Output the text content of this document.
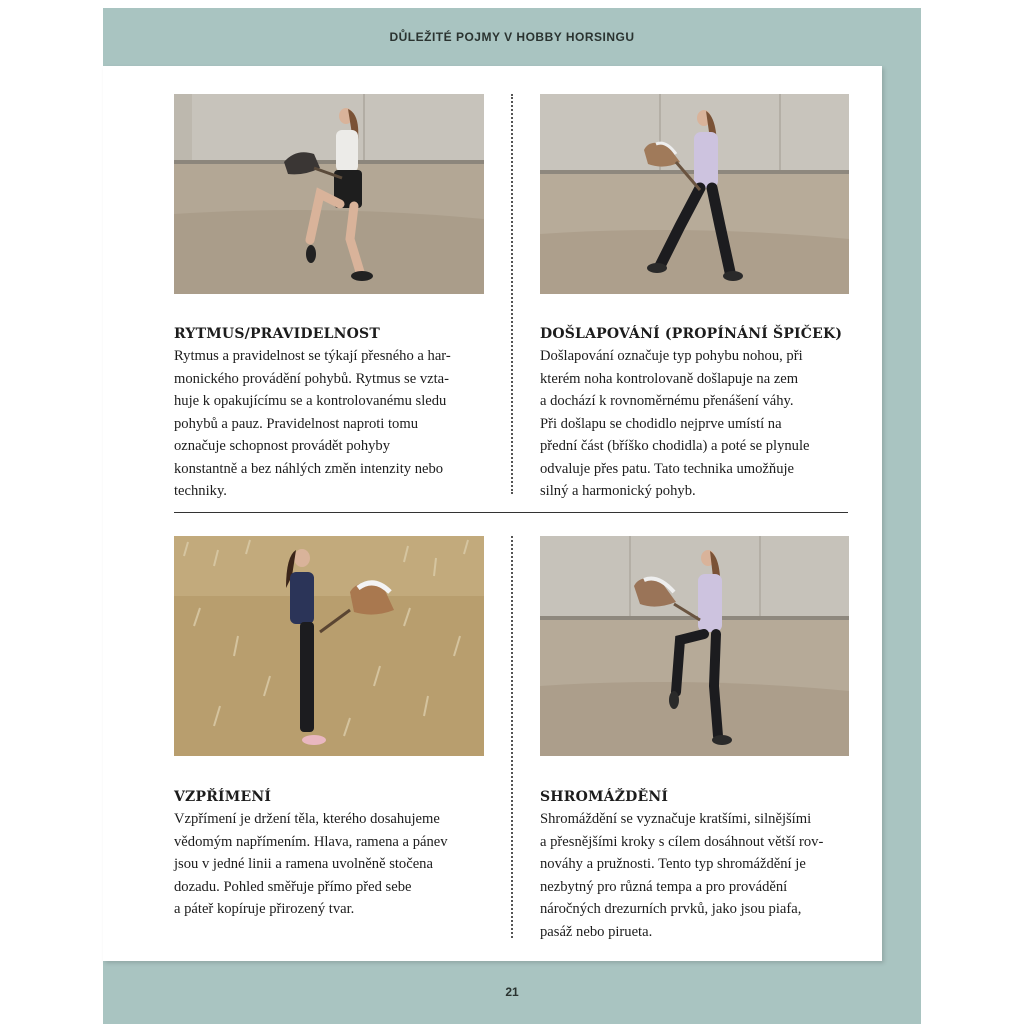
DŮLEŽITÉ POJMY V HOBBY HORSINGU
RYTMUS/PRAVIDELNOST

Rytmus a pravidelnost se týkají přesného a har-
monického provádění pohybů. Rytmus se vzta-
huje k opakujícímu se a kontrolovanému sledu
pohybů a pauz. Pravidelnost naproti tomu
označuje schopnost provádět pohyby
konstantně a bez náhlých změn intenzity nebo
techniky.

DOŠLAPOVÁNÍ (PROPÍNÁNÍ ŠPIČEK)

Došlapování označuje typ pohybu nohou, při
kterém noha kontrolovaně došlapuje na zem
a dochází k rovnoměrnému přenášení váhy.
Při došlapu se chodidlo nejprve umístí na
přední část (bříško chodidla) a poté se plynule
odvaluje přes patu. Tato technika umožňuje
silný a harmonický pohyb.

VZPŘÍMENÍ

Vzpřímení je držení těla, kterého dosahujeme
vědomým napřímením. Hlava, ramena a pánev
jsou v jedné linii a ramena uvolněně stočena
dozadu. Pohled směřuje přímo před sebe
a páteř kopíruje přirozený tvar.

SHROMÁŽDĚNÍ

Shromáždění se vyznačuje kratšími, silnějšími
a přesnějšími kroky s cílem dosáhnout větší rov-
nováhy a pružnosti. Tento typ shromáždění je
nezbytný pro různá tempa a pro provádění
náročných drezurních prvků, jako jsou piafa,
pasáž nebo pirueta.

21
